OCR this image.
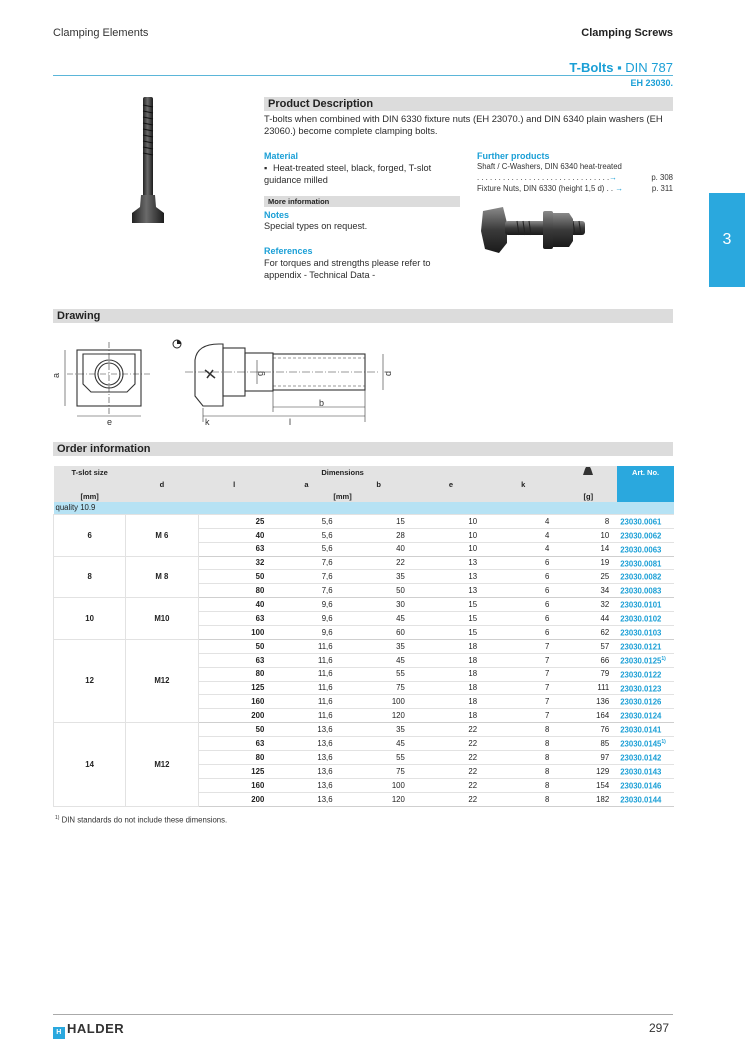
Clamping Elements	Clamping Screws
T-Bolts ▪ DIN 787
EH 23030.
3
Product Description
T-bolts when combined with DIN 6330 fixture nuts (EH 23070.) and DIN 6340 plain washers (EH 23060.) become complete clamping bolts.
Material
▪ Heat-treated steel, black, forged, T-slot guidance milled
More information
Notes
Special types on request.
References
For torques and strengths please refer to appendix - Technical Data -
Further products
Shaft / C-Washers, DIN 6340 heat-treated
. . . . . . . . . . . . . . . . . . . . . . . . . . . . . . .→	p. 308
Fixture Nuts, DIN 6330 (height 1,5 d) . . →	p. 311
Drawing
a
e	k	l
b
d
g
Order information
T-slot size	Dimensions							Art. No.
	d	l	a	b	e	k		
[mm]	[mm]						[g]	
quality 10.9								
6	M 6	25	5,6	15	10	4	8	23030.0061
		40	5,6	28	10	4	10	23030.0062
		63	5,6	40	10	4	14	23030.0063
8	M 8	32	7,6	22	13	6	19	23030.0081
		50	7,6	35	13	6	25	23030.0082
		80	7,6	50	13	6	34	23030.0083
10	M10	40	9,6	30	15	6	32	23030.0101
		63	9,6	45	15	6	44	23030.0102
		100	9,6	60	15	6	62	23030.0103
12	M12	50	11,6	35	18	7	57	23030.0121
		63	11,6	45	18	7	66	23030.0125$^{1)}$
		80	11,6	55	18	7	79	23030.0122
		125	11,6	75	18	7	111	23030.0123
		160	11,6	100	18	7	136	23030.0126
		200	11,6	120	18	7	164	23030.0124
14	M12	50	13,6	35	22	8	76	23030.0141
		63	13,6	45	22	8	85	23030.0145$^{1)}$
		80	13,6	55	22	8	97	23030.0142
		125	13,6	75	22	8	129	23030.0143
		160	13,6	100	22	8	154	23030.0146
		200	13,6	120	22	8	182	23030.0144
$^{1)}$ DIN standards do not include these dimensions.
H HALDER	297
